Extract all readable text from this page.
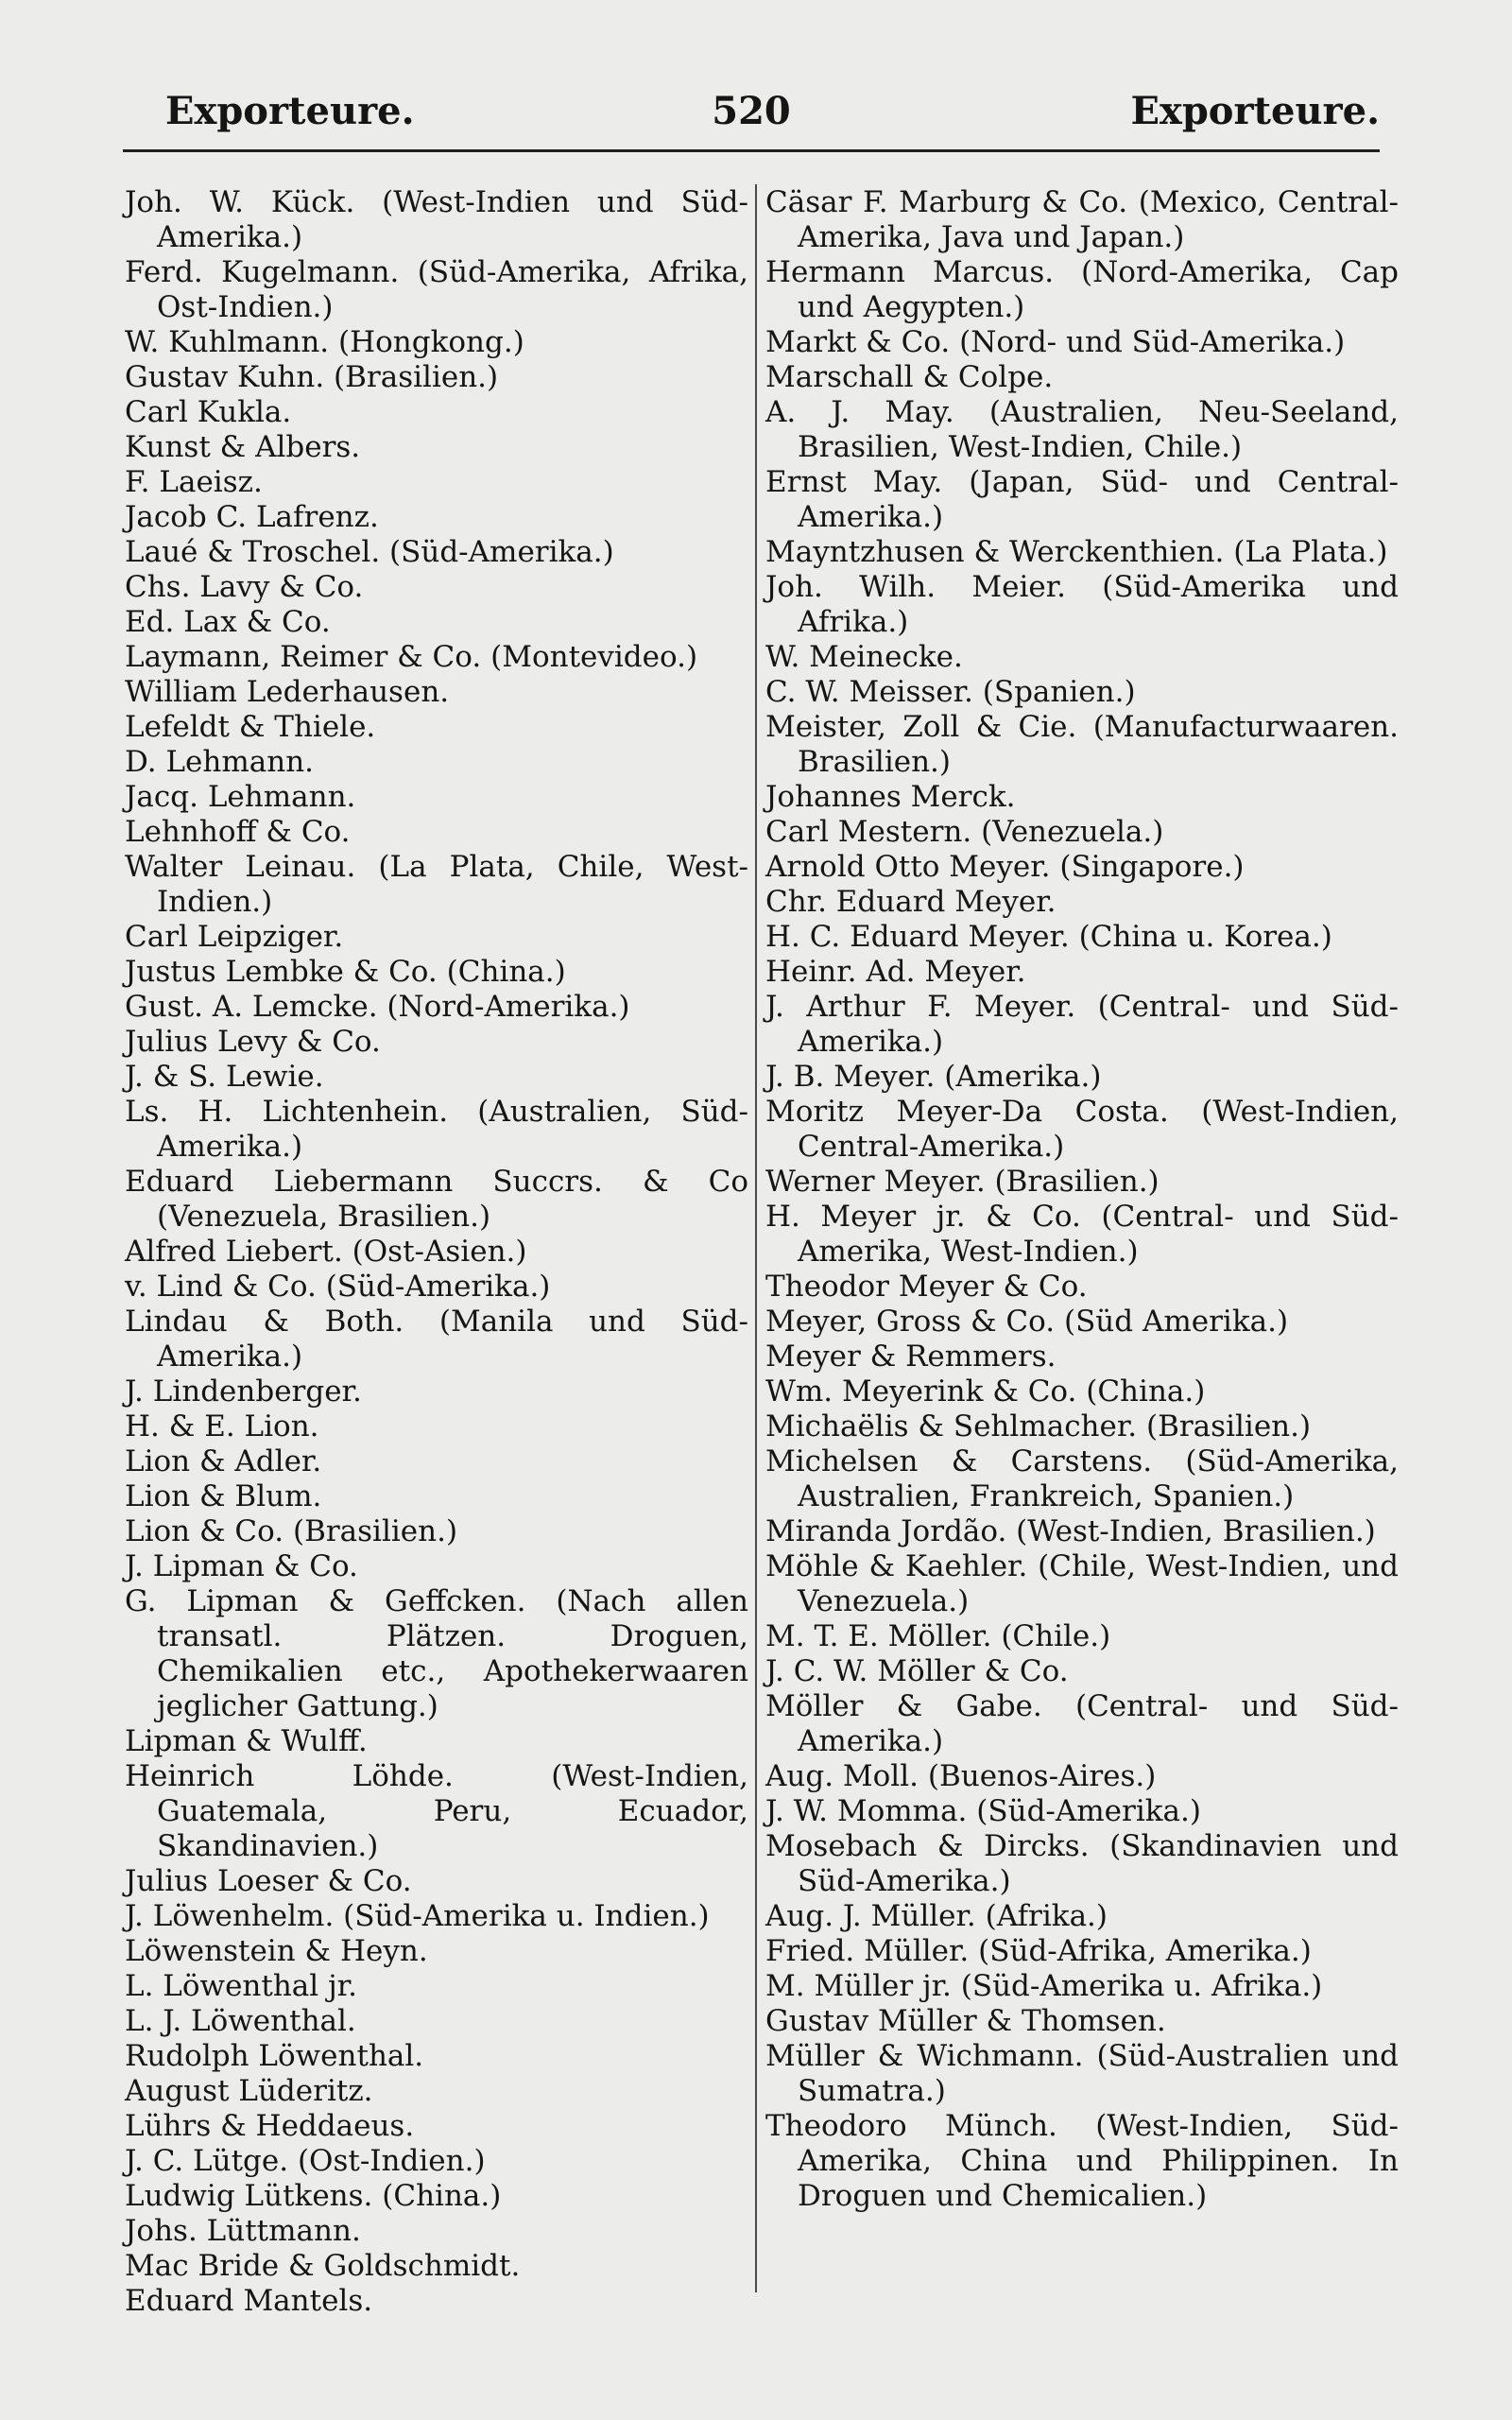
520
Exporteure.	Exporteure.

Joh. W. Kück. (West-Indien und Süd-Amerika.)

Ferd. Kugelmann. (Süd-Amerika, Afrika, Ost-Indien.)

W. Kuhlmann. (Hongkong.)

Gustav Kuhn. (Brasilien.)

Carl Kukla.

Kunst & Albers.

F. Laeisz.

Jacob C. Lafrenz.

Laué & Troschel. (Süd-Amerika.)

Chs. Lavy & Co.

Ed. Lax & Co.

Laymann, Reimer & Co. (Montevideo.)

William Lederhausen.

Lefeldt & Thiele.

D. Lehmann.

Jacq. Lehmann.

Lehnhoff & Co.

Walter Leinau. (La Plata, Chile, West-Indien.)

Carl Leipziger.

Justus Lembke & Co. (China.)

Gust. A. Lemcke. (Nord-Amerika.)

Julius Levy & Co.

J. & S. Lewie.

Ls. H. Lichtenhein. (Australien, Süd-Amerika.)

Eduard Liebermann Succrs. & Co (Venezuela, Brasilien.)

Alfred Liebert. (Ost-Asien.)

v. Lind & Co. (Süd-Amerika.)

Lindau & Both. (Manila und Süd-Amerika.)

J. Lindenberger.

H. & E. Lion.

Lion & Adler.

Lion & Blum.

Lion & Co. (Brasilien.)

J. Lipman & Co.

G. Lipman & Geffcken. (Nach allen transatl. Plätzen. Droguen, Chemikalien etc., Apothekerwaaren jeglicher Gattung.)

Lipman & Wulff.

Heinrich Löhde. (West-Indien, Guatemala, Peru, Ecuador, Skandinavien.)

Julius Loeser & Co.

J. Löwenhelm. (Süd-Amerika u. Indien.)

Löwenstein & Heyn.

L. Löwenthal jr.

L. J. Löwenthal.

Rudolph Löwenthal.

August Lüderitz.

Lührs & Heddaeus.

J. C. Lütge. (Ost-Indien.)

Ludwig Lütkens. (China.)

Johs. Lüttmann.

Mac Bride & Goldschmidt.

Eduard Mantels.

Cäsar F. Marburg & Co. (Mexico, Central-Amerika, Java und Japan.)

Hermann Marcus. (Nord-Amerika, Cap und Aegypten.)

Markt & Co. (Nord- und Süd-Amerika.)

Marschall & Colpe.

A. J. May. (Australien, Neu-Seeland, Brasilien, West-Indien, Chile.)

Ernst May. (Japan, Süd- und Central-Amerika.)

Mayntzhusen & Werckenthien. (La Plata.)

Joh. Wilh. Meier. (Süd-Amerika und Afrika.)

W. Meinecke.

C. W. Meisser. (Spanien.)

Meister, Zoll & Cie. (Manufacturwaaren. Brasilien.)

Johannes Merck.

Carl Mestern. (Venezuela.)

Arnold Otto Meyer. (Singapore.)

Chr. Eduard Meyer.

H. C. Eduard Meyer. (China u. Korea.)

Heinr. Ad. Meyer.

J. Arthur F. Meyer. (Central- und Süd-Amerika.)

J. B. Meyer. (Amerika.)

Moritz Meyer-Da Costa. (West-Indien, Central-Amerika.)

Werner Meyer. (Brasilien.)

H. Meyer jr. & Co. (Central- und Süd-Amerika, West-Indien.)

Theodor Meyer & Co.

Meyer, Gross & Co. (Süd Amerika.)

Meyer & Remmers.

Wm. Meyerink & Co. (China.)

Michaëlis & Sehlmacher. (Brasilien.)

Michelsen & Carstens. (Süd-Amerika, Australien, Frankreich, Spanien.)

Miranda Jordão. (West-Indien, Brasilien.)

Möhle & Kaehler. (Chile, West-Indien, und Venezuela.)

M. T. E. Möller. (Chile.)

J. C. W. Möller & Co.

Möller & Gabe. (Central- und Süd-Amerika.)

Aug. Moll. (Buenos-Aires.)

J. W. Momma. (Süd-Amerika.)

Mosebach & Dircks. (Skandinavien und Süd-Amerika.)

Aug. J. Müller. (Afrika.)

Fried. Müller. (Süd-Afrika, Amerika.)

M. Müller jr. (Süd-Amerika u. Afrika.)

Gustav Müller & Thomsen.

Müller & Wichmann. (Süd-Australien und Sumatra.)

Theodoro Münch. (West-Indien, Süd-Amerika, China und Philippinen. In Droguen und Chemicalien.)
